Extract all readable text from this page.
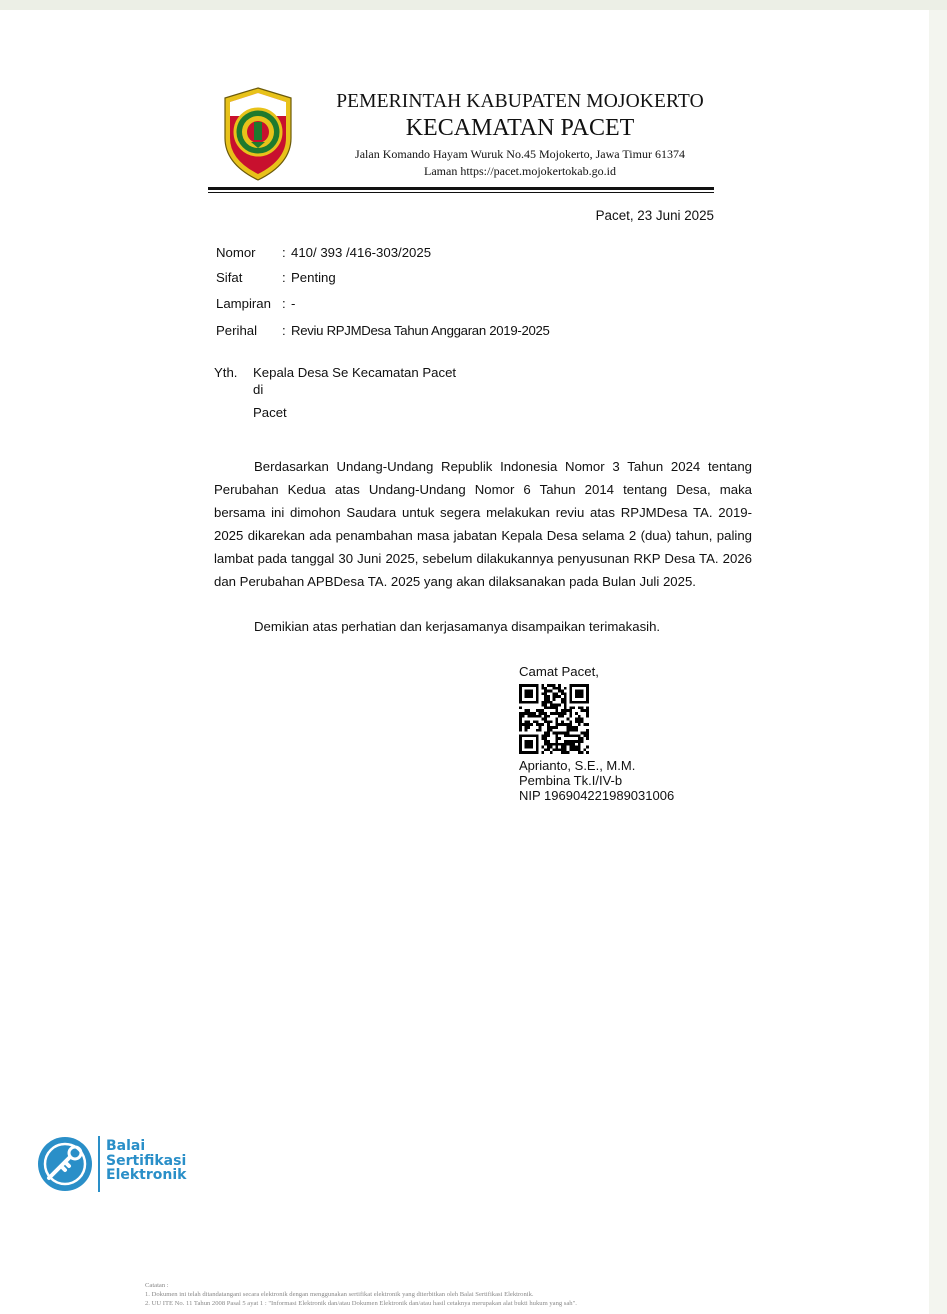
PEMERINTAH KABUPATEN MOJOKERTO
KECAMATAN PACET
Jalan Komando Hayam Wuruk No.45 Mojokerto, Jawa Timur 61374
Laman https://pacet.mojokertokab.go.id
Pacet, 23 Juni 2025
Nomor : 410/ 393 /416-303/2025
Sifat	: Penting
Lampiran : -
Perihal : Reviu RPJMDesa Tahun Anggaran 2019-2025
Yth. Kepala Desa Se Kecamatan Pacet
di
Pacet
Berdasarkan Undang-Undang Republik Indonesia Nomor 3 Tahun 2024 tentang Perubahan Kedua atas Undang-Undang Nomor 6 Tahun 2014 tentang Desa, maka bersama ini dimohon Saudara untuk segera melakukan reviu atas RPJMDesa TA. 2019-2025 dikarekan ada penambahan masa jabatan Kepala Desa selama 2 (dua) tahun, paling lambat pada tanggal 30 Juni 2025, sebelum dilakukannya penyusunan RKP Desa TA. 2026 dan Perubahan APBDesa TA. 2025 yang akan dilaksanakan pada Bulan Juli 2025.
Demikian atas perhatian dan kerjasamanya disampaikan terimakasih.
Camat Pacet,
Aprianto, S.E., M.M.
Pembina Tk.I/IV-b
NIP 196904221989031006
Balai
Sertifikasi
Elektronik
Catatan :
1. Dokumen ini telah ditandatangani secara elektronik dengan menggunakan sertifikat elektronik yang diterbitkan oleh Balai Sertifikasi Elektronik.
2. UU ITE No. 11 Tahun 2008 Pasal 5 ayat 1 : "Informasi Elektronik dan/atau Dokumen Elektronik dan/atau hasil cetaknya merupakan alat bukti hukum yang sah".
